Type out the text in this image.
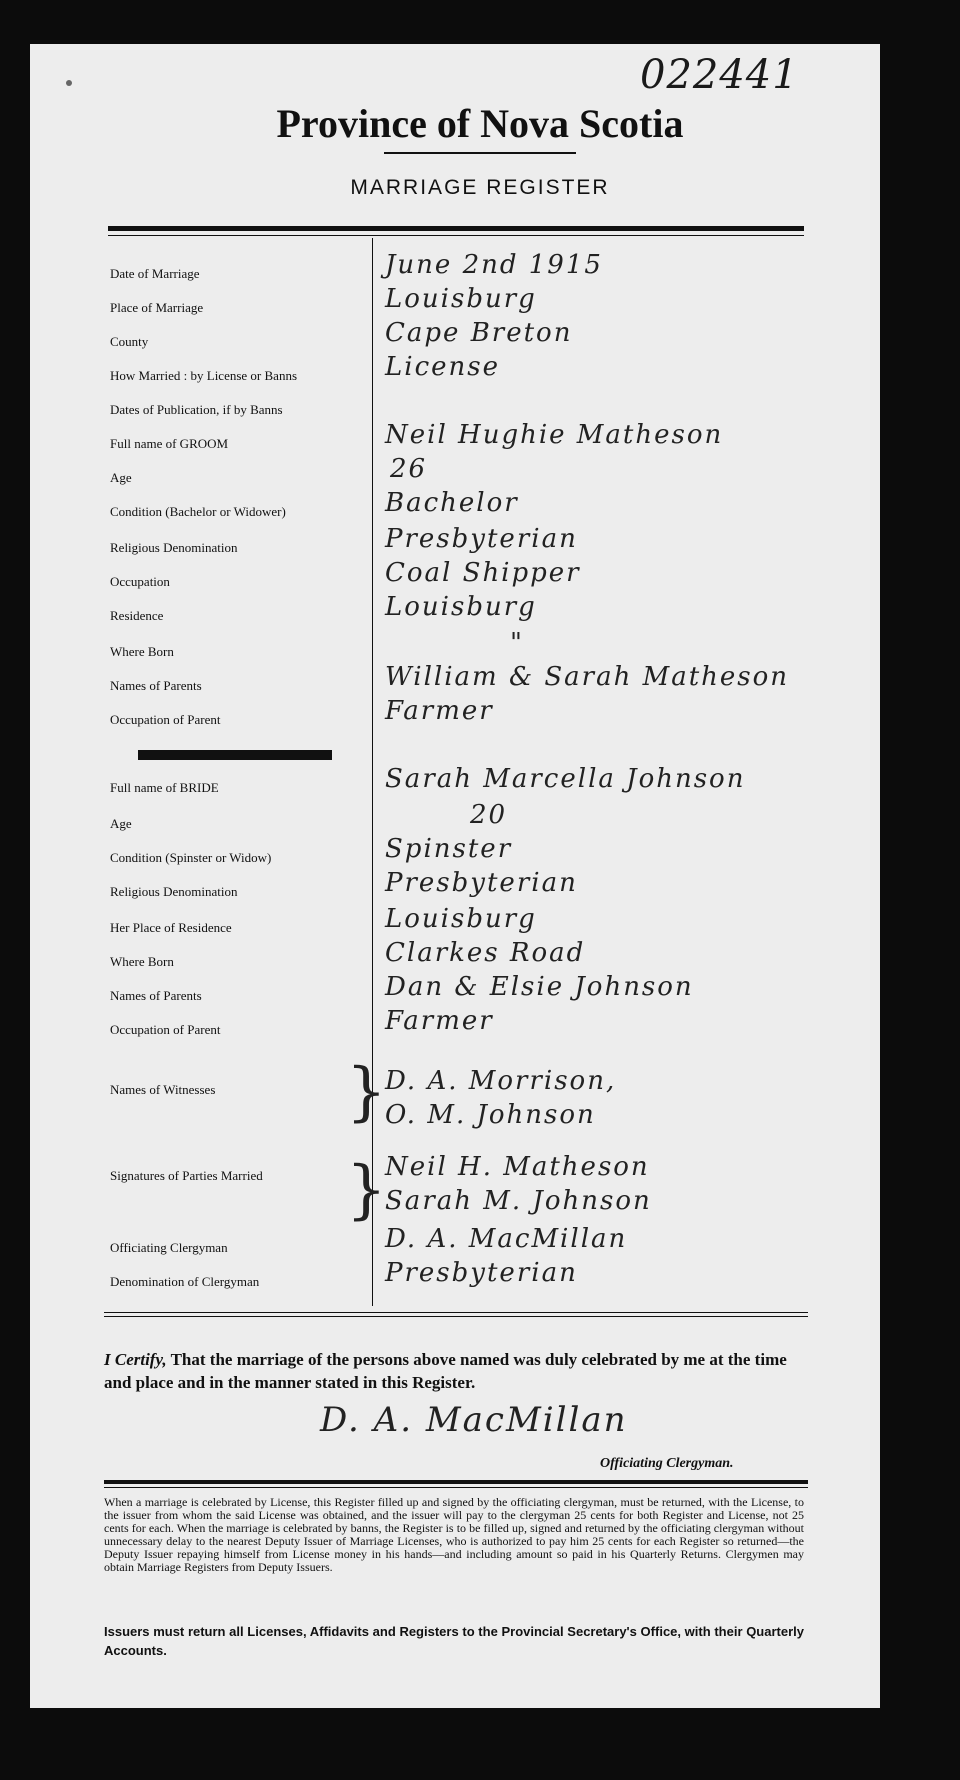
022441
Province of Nova Scotia
MARRIAGE REGISTER
Date of Marriage	June 2nd 1915
Place of Marriage	Louisburg
County	Cape Breton
How Married : by License or Banns	License
Dates of Publication, if by Banns
Full name of GROOM	Neil Hughie Matheson
Age	26
Condition (Bachelor or Widower)	Bachelor
Religious Denomination	Presbyterian
Occupation	Coal Shipper
Residence	Louisburg
Where Born	"
Names of Parents	William & Sarah Matheson
Occupation of Parent	Farmer
Full name of BRIDE	Sarah Marcella Johnson
Age	20
Condition (Spinster or Widow)	Spinster
Religious Denomination	Presbyterian
Her Place of Residence	Louisburg
Where Born	Clarkes Road
Names of Parents	Dan & Elsie Johnson
Occupation of Parent	Farmer
Names of Witnesses	D. A. Morrison,
O. M. Johnson
Signatures of Parties Married	Neil H. Matheson
Sarah M. Johnson
Officiating Clergyman	D. A. MacMillan
Denomination of Clergyman	Presbyterian
}
}
I Certify, That the marriage of the persons above named was duly celebrated by me at the time and place and in the manner stated in this Register.
D. A. MacMillan
Officiating Clergyman.
When a marriage is celebrated by License, this Register filled up and signed by the officiating clergyman, must be returned, with the License, to the issuer from whom the said License was obtained, and the issuer will pay to the clergyman 25 cents for both Register and License, not 25 cents for each. When the marriage is celebrated by banns, the Register is to be filled up, signed and returned by the officiating clergyman without unnecessary delay to the nearest Deputy Issuer of Marriage Licenses, who is authorized to pay him 25 cents for each Register so returned—the Deputy Issuer repaying himself from License money in his hands—and including amount so paid in his Quarterly Returns. Clergymen may obtain Marriage Registers from Deputy Issuers.
Issuers must return all Licenses, Affidavits and Registers to the Provincial Secretary's Office, with their Quarterly Accounts.
